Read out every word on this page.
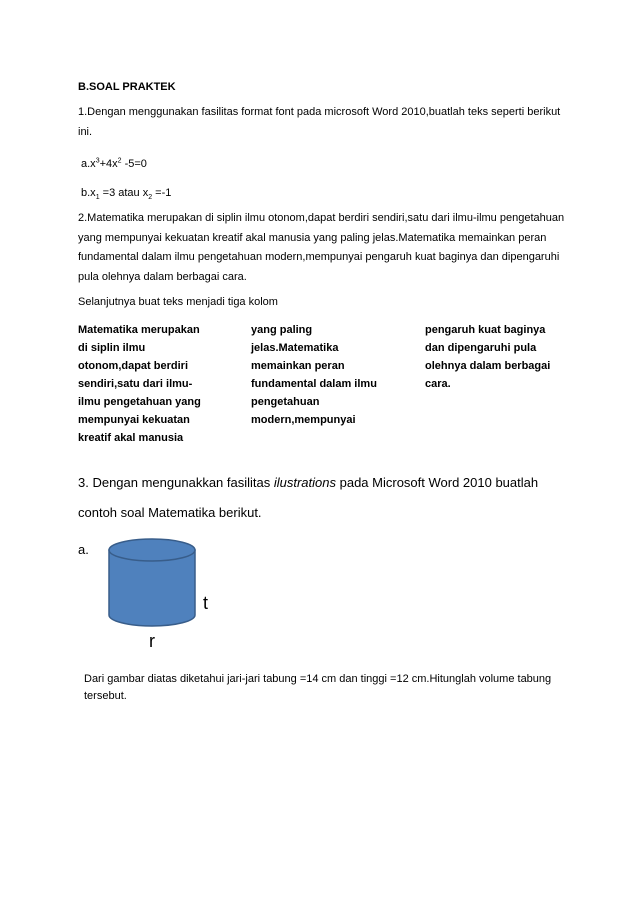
B.SOAL PRAKTEK
1.Dengan menggunakan fasilitas format font pada microsoft Word 2010,buatlah teks seperti berikut ini.
$a.x^3+4x^2$ -5=0
$b.x_1 =3$ atau $x_2 =-1$
2.Matematika merupakan di siplin ilmu otonom,dapat berdiri sendiri,satu dari ilmu-ilmu pengetahuan yang mempunyai kekuatan kreatif akal manusia yang paling jelas.Matematika memainkan peran fundamental dalam ilmu pengetahuan modern,mempunyai pengaruh kuat baginya dan dipengaruhi pula olehnya dalam berbagai cara.
Selanjutnya buat teks menjadi tiga kolom
Matematika merupakan
di siplin ilmu
otonom,dapat berdiri
sendiri,satu dari ilmu-
ilmu pengetahuan yang
mempunyai kekuatan
kreatif akal manusia
yang paling
jelas.Matematika
memainkan peran
fundamental dalam ilmu
pengetahuan
modern,mempunyai
pengaruh kuat baginya
dan dipengaruhi pula
olehnya dalam berbagai
cara.
3. Dengan mengunakkan fasilitas ilustrations pada Microsoft Word 2010 buatlah
contoh soal Matematika berikut.
a.
t
r
Dari gambar diatas diketahui jari-jari tabung =14 cm dan tinggi =12 cm.Hitunglah volume tabung tersebut.
